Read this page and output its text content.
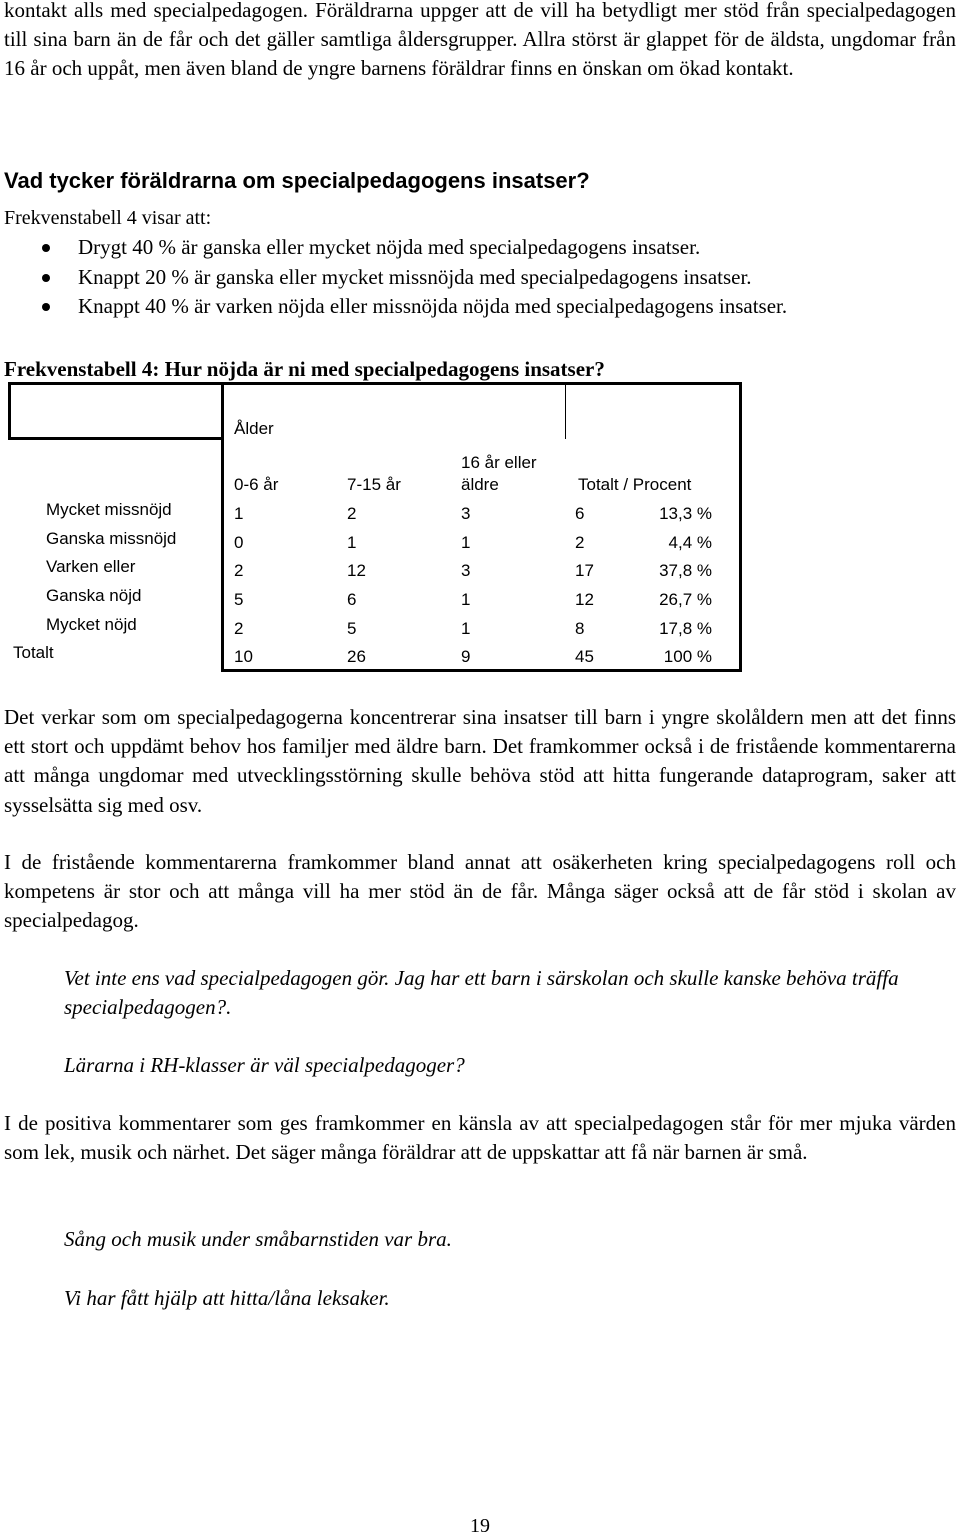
kontakt alls med specialpedagogen. Föräldrarna uppger att de vill ha betydligt mer stöd från specialpedagogen till sina barn än de får och det gäller samtliga åldersgrupper. Allra störst är glappet för de äldsta, ungdomar från 16 år och uppåt, men även bland de yngre barnens föräldrar finns en önskan om ökad kontakt.
Vad tycker föräldrarna om specialpedagogens insatser?
Frekvenstabell 4 visar att:
Drygt 40 % är ganska eller mycket nöjda med specialpedagogens insatser.
Knappt 20 % är ganska eller mycket missnöjda med specialpedagogens insatser.
Knappt 40 % är varken nöjda eller missnöjda nöjda med specialpedagogens insatser.
Frekvenstabell 4: Hur nöjda är ni med specialpedagogens insatser?
Ålder
0-6 år	7-15 år
16 år eller
äldre	Totalt / Procent
Mycket missnöjd	1	2	3	6	13,3 %
Ganska missnöjd	0	1	1	2	4,4 %
Varken eller	2	12	3	17	37,8 %
Ganska nöjd	5	6	1	12	26,7 %
Mycket nöjd	2	5	1	8	17,8 %
Totalt	10	26	9	45	100 %
Det verkar som om specialpedagogerna koncentrerar sina insatser till barn i yngre skolåldern men att det finns ett stort och uppdämt behov hos familjer med äldre barn. Det framkommer också i de fristående kommentarerna att många ungdomar med utvecklingsstörning skulle behöva stöd att hitta fungerande dataprogram, saker att sysselsätta sig med osv.
I de fristående kommentarerna framkommer bland annat att osäkerheten kring specialpedagogens roll och kompetens är stor och att många vill ha mer stöd än de får. Många säger också att de får stöd i skolan av specialpedagog.
Vet inte ens vad specialpedagogen gör. Jag har ett barn i särskolan och skulle kanske behöva träffa specialpedagogen?.
Lärarna i RH-klasser är väl specialpedagoger?
I de positiva kommentarer som ges framkommer en känsla av att specialpedagogen står för mer mjuka värden som lek, musik och närhet. Det säger många föräldrar att de uppskattar att få när barnen är små.
Sång och musik under småbarnstiden var bra.
Vi har fått hjälp att hitta/låna leksaker.
19
